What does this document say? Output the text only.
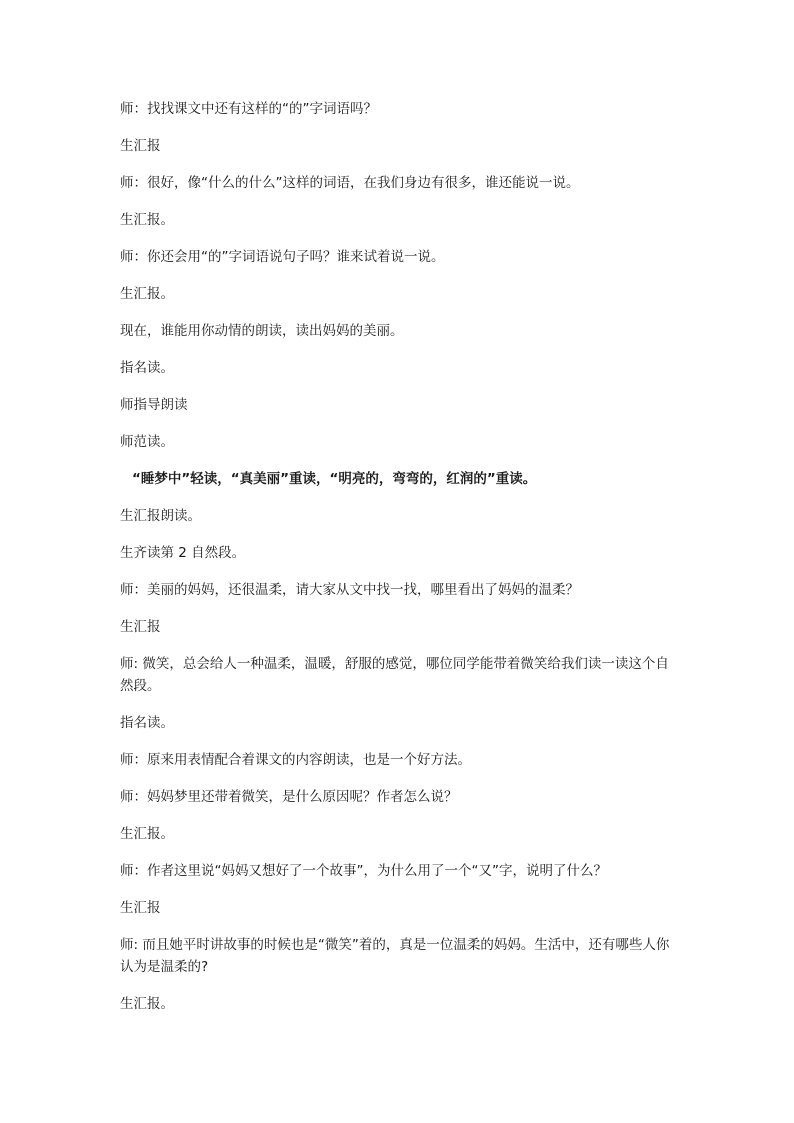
师：找找课文中还有这样的“的”字词语吗？

生汇报

师：很好，像“什么的什么”这样的词语，在我们身边有很多，谁还能说一说。

生汇报。

师：你还会用“的”字词语说句子吗？谁来试着说一说。

生汇报。

现在，谁能用你动情的朗读，读出妈妈的美丽。

指名读。

师指导朗读

师范读。

“睡梦中”轻读，“真美丽”重读，“明亮的，弯弯的，红润的”重读。

生汇报朗读。

生齐读第 2 自然段。

师：美丽的妈妈，还很温柔，请大家从文中找一找，哪里看出了妈妈的温柔？

生汇报

师: 微笑，总会给人一种温柔，温暖，舒服的感觉，哪位同学能带着微笑给我们读一读这个自然段。

指名读。

师：原来用表情配合着课文的内容朗读，也是一个好方法。

师：妈妈梦里还带着微笑，是什么原因呢？作者怎么说？

生汇报。

师：作者这里说“妈妈又想好了一个故事”，为什么用了一个“又”字，说明了什么？

生汇报

师: 而且她平时讲故事的时候也是“微笑”着的，真是一位温柔的妈妈。生活中，还有哪些人你认为是温柔的?

生汇报。
